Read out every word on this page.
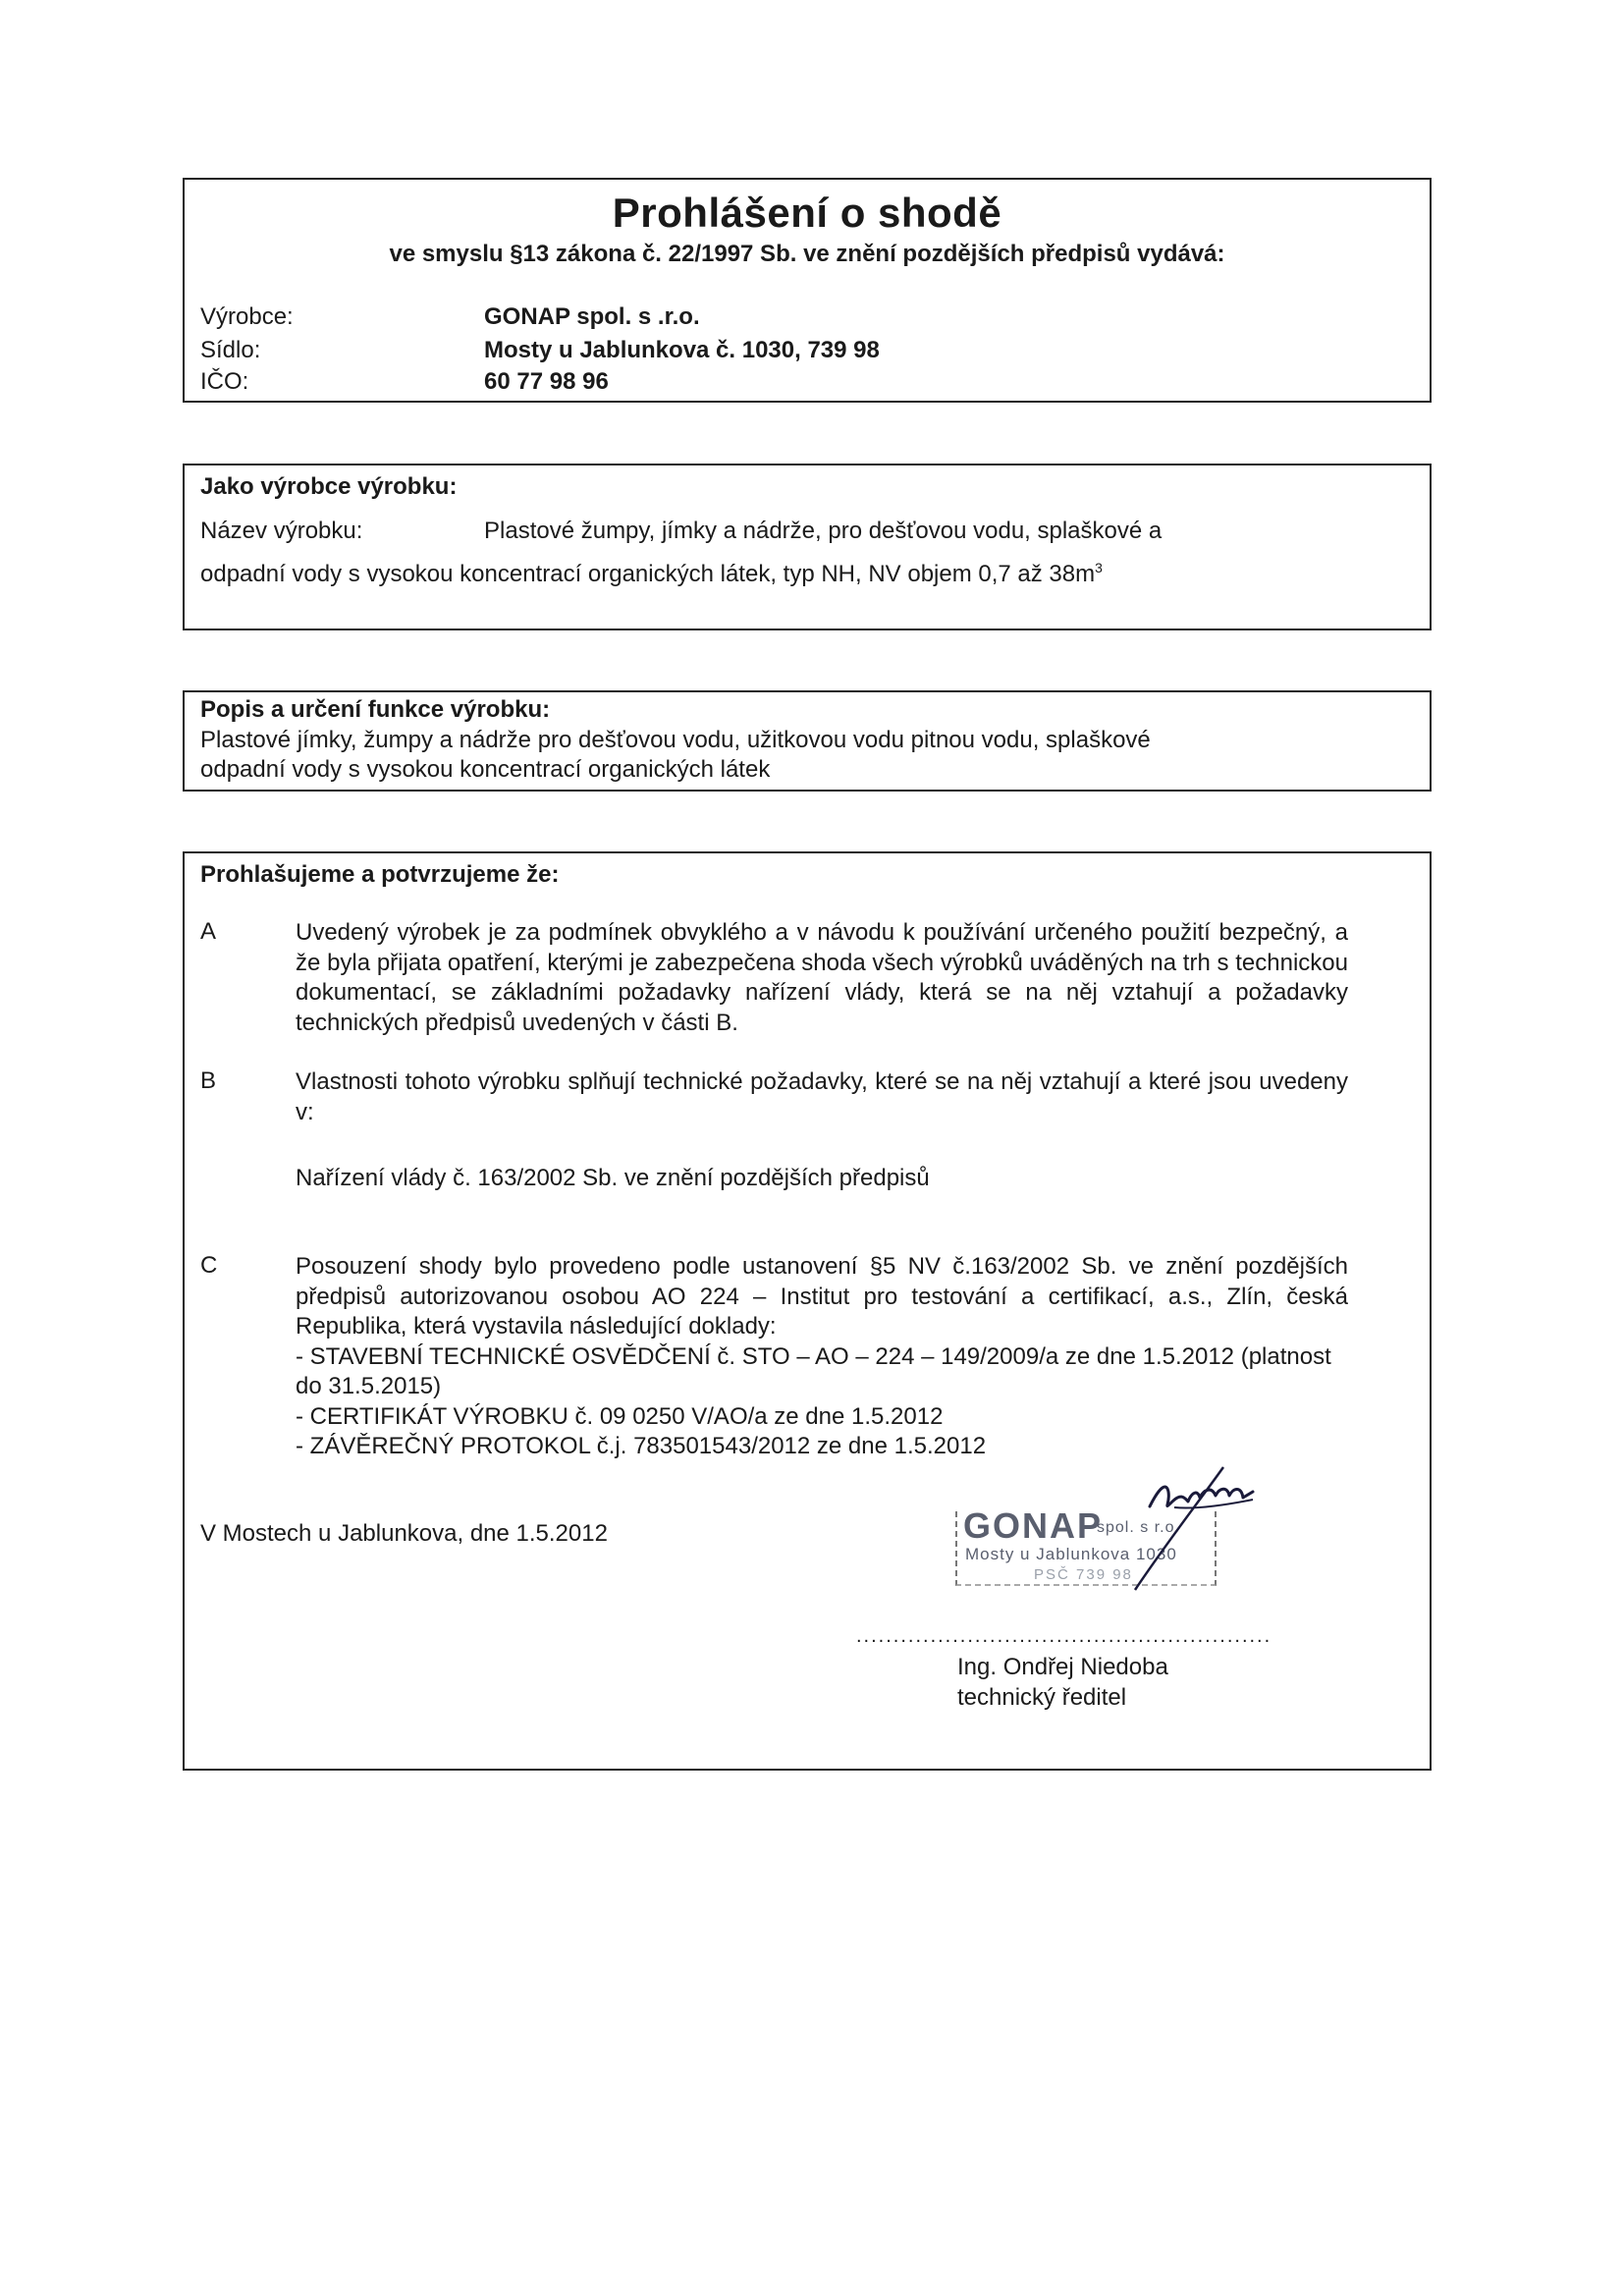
Prohlášení o shodě
ve smyslu §13 zákona č. 22/1997 Sb. ve znění pozdějších předpisů vydává:
Výrobce:	GONAP spol. s .r.o.
Sídlo:	Mosty u Jablunkova č. 1030, 739 98
IČO:	60 77 98 96
Jako výrobce výrobku:
Název výrobku:	Plastové žumpy, jímky a nádrže, pro dešťovou vodu, splaškové a
odpadní vody s vysokou koncentrací organických látek, typ NH, NV objem 0,7 až $38m^3$
Popis a určení funkce výrobku:
Plastové jímky, žumpy a nádrže pro dešťovou vodu, užitkovou vodu pitnou vodu, splaškové
odpadní vody s vysokou koncentrací organických látek
Prohlašujeme a potvrzujeme že:
A	Uvedený výrobek je za podmínek obvyklého a v návodu k používání určeného použití bezpečný, a že byla přijata opatření, kterými je zabezpečena shoda všech výrobků uváděných na trh s technickou dokumentací, se základními požadavky nařízení vlády, která se na něj vztahují a požadavky technických předpisů uvedených v části B.

B	Vlastnosti tohoto výrobku splňují technické požadavky, které se na něj vztahují a které jsou uvedeny v:

Nařízení vlády č. 163/2002 Sb. ve znění pozdějších předpisů

C	Posouzení shody bylo provedeno podle ustanovení §5 NV č.163/2002 Sb. ve znění pozdějších předpisů autorizovanou osobou AO 224 – Institut pro testování a certifikací, a.s., Zlín, česká Republika, která vystavila následující doklady:

- STAVEBNÍ TECHNICKÉ OSVĚDČENÍ č. STO – AO – 224 – 149/2009/a ze dne 1.5.2012 (platnost do 31.5.2015)

- CERTIFIKÁT VÝROBKU č. 09 0250 V/AO/a ze dne 1.5.2012

- ZÁVĚREČNÝ PROTOKOL č.j. 783501543/2012 ze dne 1.5.2012

V Mostech u Jablunkova, dne 1.5.2012	GONAP
spol. s r.o.
Mosty u Jablunkova 1030
PSČ 739 98
........................................................
Ing. Ondřej Niedoba
technický ředitel
